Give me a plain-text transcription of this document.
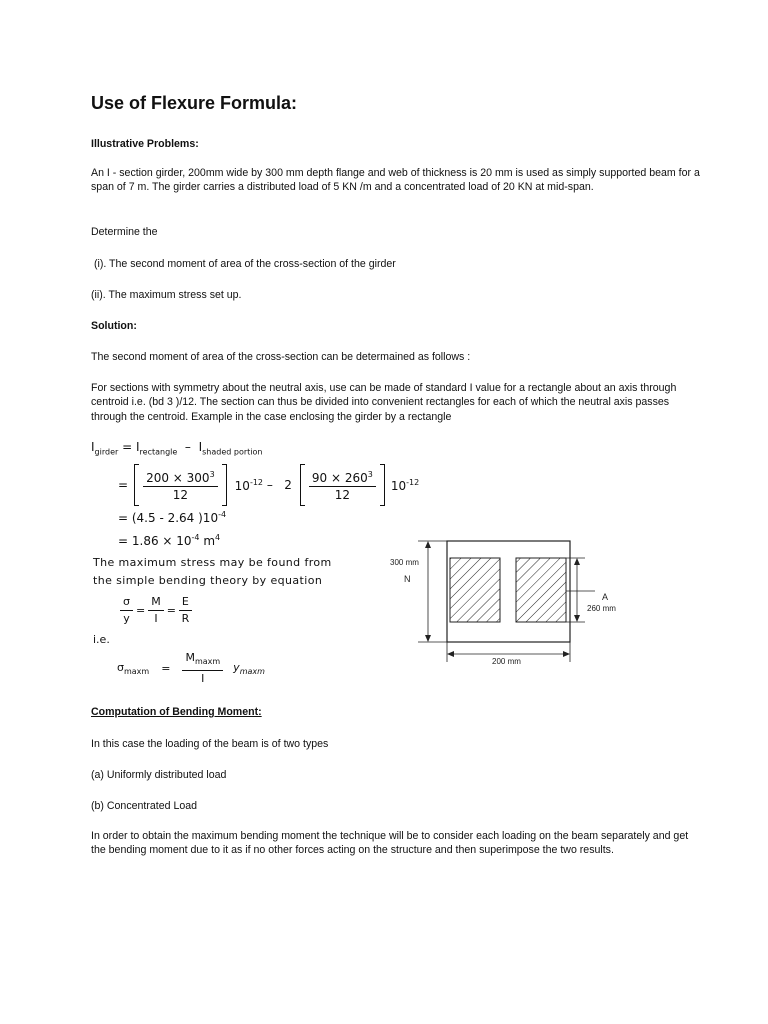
Use of Flexure Formula:
Illustrative Problems:
An I - section girder, 200mm wide by 300 mm depth flange and web of thickness is 20 mm is used as simply supported beam for a span of 7 m. The girder carries a distributed load of 5 KN /m and a concentrated load of 20 KN at mid-span.
Determine the
(i). The second moment of area of the cross-section of the girder
(ii). The maximum stress set up.
Solution:
The second moment of area of the cross-section can be determained as follows :
For sections with symmetry about the neutral axis, use can be made of standard I value for a rectangle about an axis through centroid i.e. (bd 3 )/12. The section can thus be divided into convenient rectangles for each of which the neutral axis passes through the centroid. Example in the case enclosing the girder by a rectangle
$I_{girder} = I_{rectangle} - I_{shaded portion}$
= $\frac{200 \times 300^3}{12} 10^{-12} - 2 \frac{90 \times 260^3}{12} 10^{-12}$
= (4.5 - 2.64 )$10^{-4}$
= $1.86 \times 10^{-4}$ $m^4$
The maximum stress may be found from
the simple bending theory by equation
$\frac{\sigma}{y} = \frac{M}{I} = \frac{E}{R}$
i.e.
$\sigma_{maxm} = \frac{M_{maxm}}{I} y_{maxm}$
300 mm
N
A
260 mm
200 mm
Computation of Bending Moment:
In this case the loading of the beam is of two types
(a) Uniformly distributed load
(b) Concentrated Load
In order to obtain the maximum bending moment the technique will be to consider each loading on the beam separately and get the bending moment due to it as if no other forces acting on the structure and then superimpose the two results.
